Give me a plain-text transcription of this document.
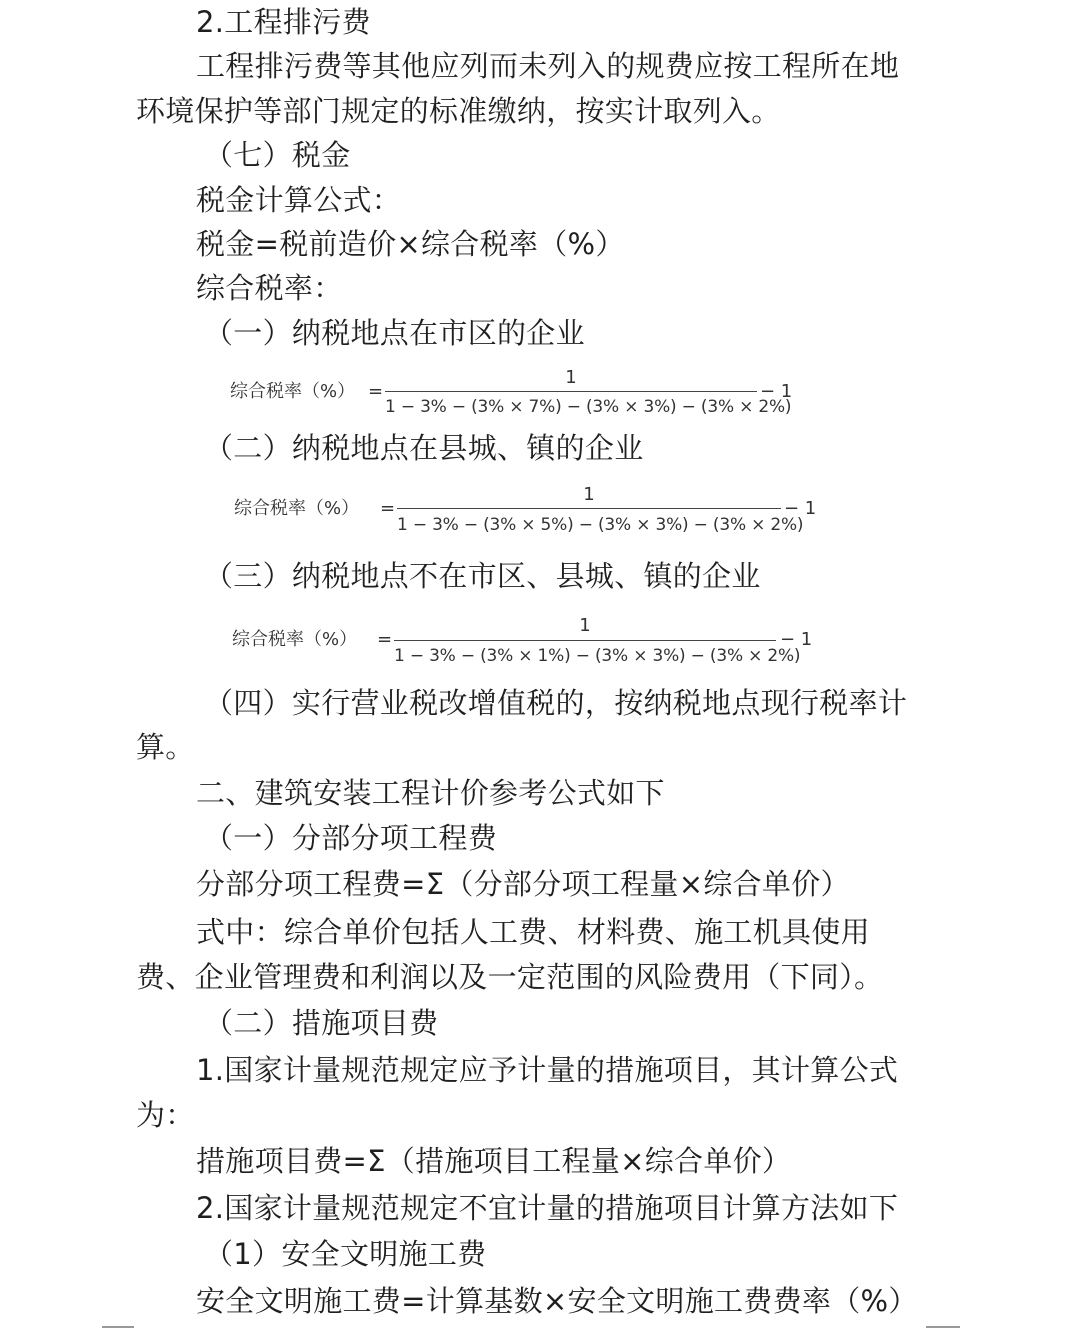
2.工程排污费
工程排污费等其他应列而未列入的规费应按工程所在地
环境保护等部门规定的标准缴纳，按实计取列入。
（七）税金
税金计算公式：
税金=税前造价×综合税率（%）
综合税率：
（一）纳税地点在市区的企业
综合税率（%） =
1
1 − 3% − (3% × 7%) − (3% × 3%) − (3% × 2%)
− 1
（二）纳税地点在县城、镇的企业
综合税率（%） =
1
1 − 3% − (3% × 5%) − (3% × 3%) − (3% × 2%)
− 1
（三）纳税地点不在市区、县城、镇的企业
综合税率（%） =
1
1 − 3% − (3% × 1%) − (3% × 3%) − (3% × 2%)
− 1
（四）实行营业税改增值税的，按纳税地点现行税率计
算。
二、建筑安装工程计价参考公式如下
（一）分部分项工程费
分部分项工程费=Σ（分部分项工程量×综合单价）
式中：综合单价包括人工费、材料费、施工机具使用
费、企业管理费和利润以及一定范围的风险费用（下同）。
（二）措施项目费
1.国家计量规范规定应予计量的措施项目，其计算公式
为：
措施项目费=Σ（措施项目工程量×综合单价）
2.国家计量规范规定不宜计量的措施项目计算方法如下
（1）安全文明施工费
安全文明施工费=计算基数×安全文明施工费费率（%）
